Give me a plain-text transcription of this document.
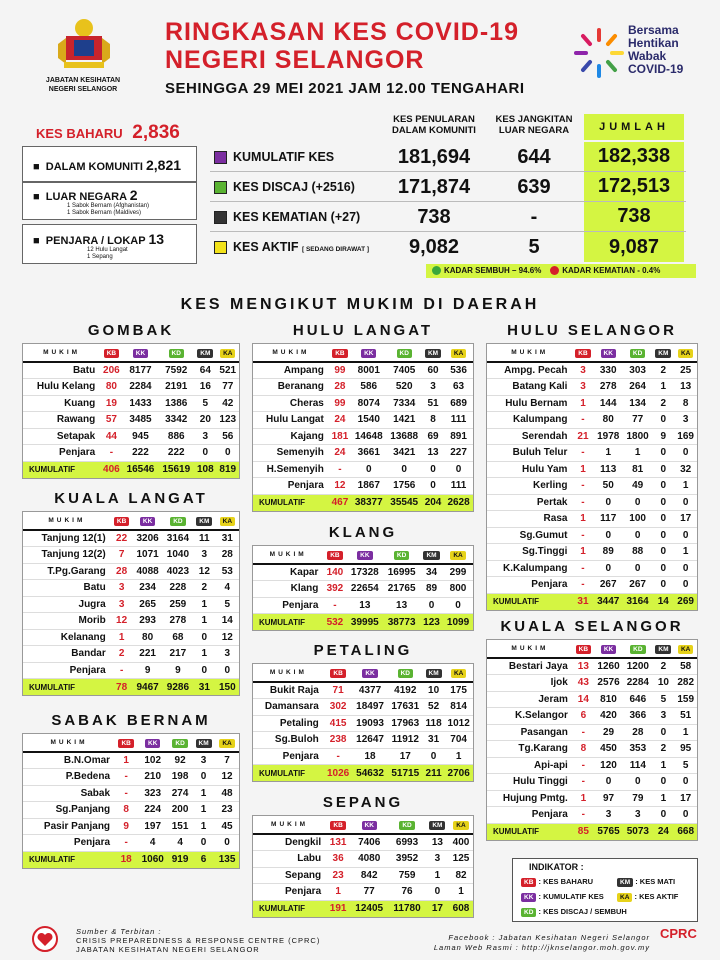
JABATAN KESIHATAN
NEGERI SELANGOR
RINGKASAN KES COVID-19
NEGERI SELANGOR
SEHINGGA 29 MEI 2021 JAM 12.00 TENGAHARI
Bersama
Hentikan
Wabak
COVID-19
KES BAHARU 2,836
KES PENULARAN DALAM KOMUNITI
KES JANGKITAN LUAR NEGARA	JUMLAH
■  DALAM KOMUNITI 2,821
■  LUAR NEGARA 2
1 Sabok Bernam (Afghanistan)
1 Sabok Bernam (Maldives)
■  PENJARA / LOKAP 13
12 Hulu Langat
1 Sepang
KUMULATIF KES	181,694	644	182,338
KES DISCAJ (+2516)	171,874	639	172,513
KES KEMATIAN (+27)	738	-	738
KES AKTIF [ SEDANG DIRAWAT ]	9,082	5	9,087
KADAR SEMBUH – 94.6%	KADAR KEMATIAN - 0.4%
KES MENGIKUT MUKIM DI DAERAH
GOMBAK
MUKIM	KB	KK	KD	KM	KA
Batu	206	8177	7592	64	521
Hulu Kelang	80	2284	2191	16	77
Kuang	19	1433	1386	5	42
Rawang	57	3485	3342	20	123
Setapak	44	945	886	3	56
Penjara	-	222	222	0	0
KUMULATIF	406	16546	15619	108	819
KUALA LANGAT
MUKIM	KB	KK	KD	KM	KA
Tanjung 12(1)	22	3206	3164	11	31
Tanjung 12(2)	7	1071	1040	3	28
T.Pg.Garang	28	4088	4023	12	53
Batu	3	234	228	2	4
Jugra	3	265	259	1	5
Morib	12	293	278	1	14
Kelanang	1	80	68	0	12
Bandar	2	221	217	1	3
Penjara	-	9	9	0	0
KUMULATIF	78	9467	9286	31	150
SABAK BERNAM
MUKIM	KB	KK	KD	KM	KA
B.N.Omar	1	102	92	3	7
P.Bedena	-	210	198	0	12
Sabak	-	323	274	1	48
Sg.Panjang	8	224	200	1	23
Pasir Panjang	9	197	151	1	45
Penjara	-	4	4	0	0
KUMULATIF	18	1060	919	6	135
HULU LANGAT
MUKIM	KB	KK	KD	KM	KA
Ampang	99	8001	7405	60	536
Beranang	28	586	520	3	63
Cheras	99	8074	7334	51	689
Hulu Langat	24	1540	1421	8	111
Kajang	181	14648	13688	69	891
Semenyih	24	3661	3421	13	227
H.Semenyih	-	0	0	0	0
Penjara	12	1867	1756	0	111
KUMULATIF	467	38377	35545	204	2628
KLANG
MUKIM	KB	KK	KD	KM	KA
Kapar	140	17328	16995	34	299
Klang	392	22654	21765	89	800
Penjara	-	13	13	0	0
KUMULATIF	532	39995	38773	123	1099
PETALING
MUKIM	KB	KK	KD	KM	KA
Bukit Raja	71	4377	4192	10	175
Damansara	302	18497	17631	52	814
Petaling	415	19093	17963	118	1012
Sg.Buloh	238	12647	11912	31	704
Penjara	-	18	17	0	1
KUMULATIF	1026	54632	51715	211	2706
SEPANG
MUKIM	KB	KK	KD	KM	KA
Dengkil	131	7406	6993	13	400
Labu	36	4080	3952	3	125
Sepang	23	842	759	1	82
Penjara	1	77	76	0	1
KUMULATIF	191	12405	11780	17	608
HULU SELANGOR
MUKIM	KB	KK	KD	KM	KA
Ampg. Pecah	3	330	303	2	25
Batang Kali	3	278	264	1	13
Hulu Bernam	1	144	134	2	8
Kalumpang	-	80	77	0	3
Serendah	21	1978	1800	9	169
Buluh Telur	-	1	1	0	0
Hulu Yam	1	113	81	0	32
Kerling	-	50	49	0	1
Pertak	-	0	0	0	0
Rasa	1	117	100	0	17
Sg.Gumut	-	0	0	0	0
Sg.Tinggi	1	89	88	0	1
K.Kalumpang	-	0	0	0	0
Penjara	-	267	267	0	0
KUMULATIF	31	3447	3164	14	269
KUALA SELANGOR
MUKIM	KB	KK	KD	KM	KA
Bestari Jaya	13	1260	1200	2	58
Ijok	43	2576	2284	10	282
Jeram	14	810	646	5	159
K.Selangor	6	420	366	3	51
Pasangan	-	29	28	0	1
Tg.Karang	8	450	353	2	95
Api-api	-	120	114	1	5
Hulu Tinggi	-	0	0	0	0
Hujung Pmtg.	1	97	79	1	17
Penjara	-	3	3	0	0
KUMULATIF	85	5765	5073	24	668
INDIKATOR :
KB : KES BAHARU	KM : KES MATI
KK : KUMULATIF KES	KA : KES AKTIF
KD : KES DISCAJ / SEMBUH
Sumber & Terbitan :
CRISIS PREPAREDNESS & RESPONSE CENTRE (CPRC)
JABATAN KESIHATAN NEGERI SELANGOR
Facebook : Jabatan Kesihatan Negeri Selangor
Laman Web Rasmi : http://jknselangor.moh.gov.my
CPRC
